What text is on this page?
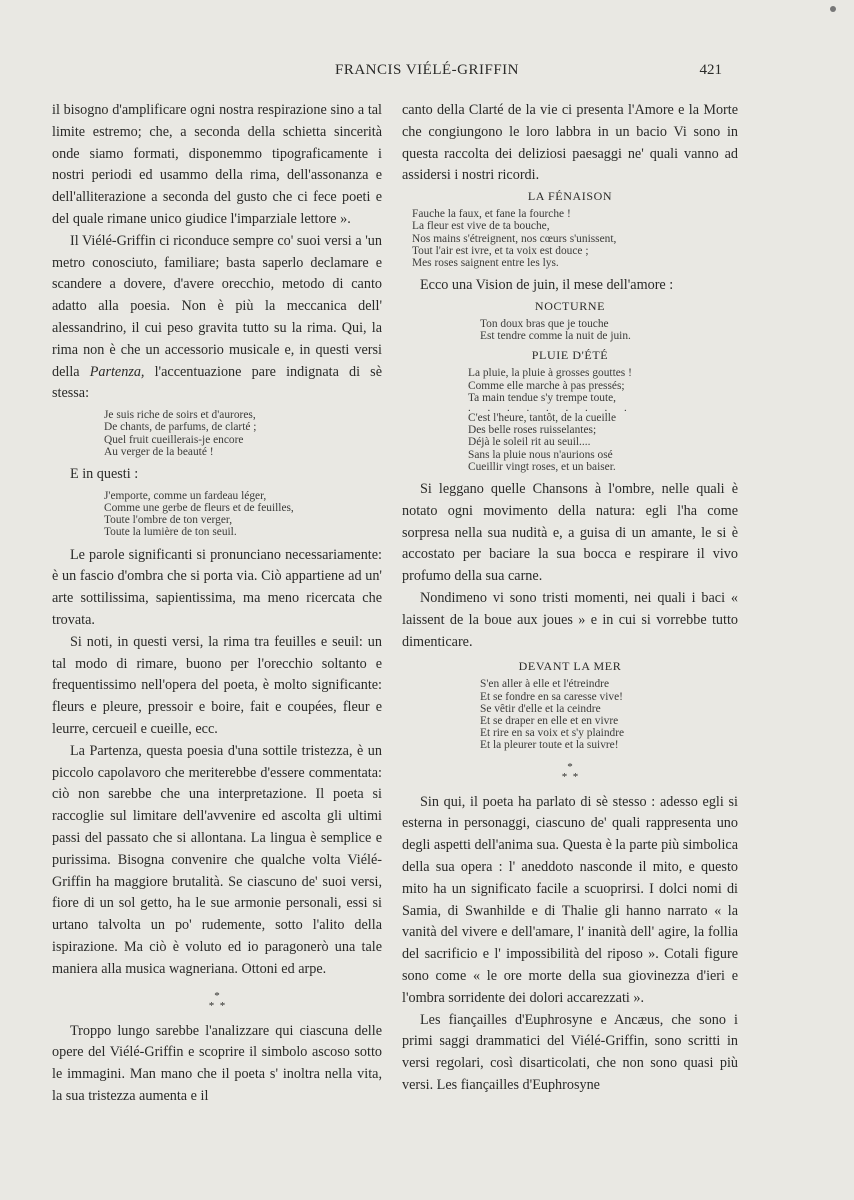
FRANCIS VIÉLÉ-GRIFFIN	421

il bisogno d'amplificare ogni nostra respirazione sino a tal limite estremo; che, a seconda della schietta sincerità onde siamo formati, disponemmo tipograficamente i nostri periodi ed usammo della rima, dell'assonanza e dell'alliterazione a seconda del gusto che ci fece poeti e del quale rimane unico giudice l'imparziale lettore ».

Il Viélé-Griffin ci riconduce sempre co' suoi versi a 'un metro conosciuto, familiare; basta saperlo declamare e scandere a dovere, d'avere orecchio, metodo di canto adatto alla poesia. Non è più la meccanica dell' alessandrino, il cui peso gravita tutto su la rima. Qui, la rima non è che un accessorio musicale e, in questi versi della Partenza, l'accentuazione pare indignata di sè stessa:

Je suis riche de soirs et d'aurores,
De chants, de parfums, de clarté ;
Quel fruit cueillerais-je encore
Au verger de la beauté !

E in questi :

J'emporte, comme un fardeau léger,
Comme une gerbe de fleurs et de feuilles,
Toute l'ombre de ton verger,
Toute la lumière de ton seuil.

Le parole significanti si pronunciano necessariamente: è un fascio d'ombra che si porta via. Ciò appartiene ad un' arte sottilissima, sapientissima, ma meno ricercata che trovata.

Si noti, in questi versi, la rima tra feuilles e seuil: un tal modo di rimare, buono per l'orecchio soltanto e frequentissimo nell'opera del poeta, è molto significante: fleurs e pleure, pressoir e boire, fait e coupées, fleur e leurre, cercueil e cueille, ecc.

La Partenza, questa poesia d'una sottile tristezza, è un piccolo capolavoro che meriterebbe d'essere commentata: ciò non sarebbe che una interpretazione. Il poeta si raccoglie sul limitare dell'avvenire ed ascolta gli ultimi passi del passato che si allontana. La lingua è semplice e purissima. Bisogna convenire che qualche volta Viélé-Griffin ha maggiore brutalità. Se ciascuno de' suoi versi, fiore di un sol getto, ha le sue armonie personali, essi si urtano talvolta un po' rudemente, sotto l'alito della ispirazione. Ma ciò è voluto ed io paragonerò una tale maniera alla musica wagneriana. Ottoni ed arpe.

*
*  *

Troppo lungo sarebbe l'analizzare qui ciascuna delle opere del Viélé-Griffin e scoprire il simbolo ascoso sotto le immagini. Man mano che il poeta s' inoltra nella vita, la sua tristezza aumenta e il

canto della Clarté de la vie ci presenta l'Amore e la Morte che congiungono le loro labbra in un bacio Vi sono in questa raccolta dei deliziosi paesaggi ne' quali vanno ad assidersi i nostri ricordi.

LA FÉNAISON
Fauche la faux, et fane la fourche !
La fleur est vive de ta bouche,
Nos mains s'étreignent, nos cœurs s'unissent,
Tout l'air est ivre, et ta voix est douce ;
Mes roses saignent entre les lys.

Ecco una Vision de juin, il mese dell'amore :

NOCTURNE
Ton doux bras que je touche
Est tendre comme la nuit de juin.
PLUIE D'ÉTÉ
La pluie, la pluie à grosses gouttes !
Comme elle marche à pas pressés;
Ta main tendue s'y trempe toute,
. . . . . . . . .
C'est l'heure, tantôt, de la cueille
Des belle roses ruisselantes;
Déjà le soleil rit au seuil....
Sans la pluie nous n'aurions osé
Cueillir vingt roses, et un baiser.

Si leggano quelle Chansons à l'ombre, nelle quali è notato ogni movimento della natura: egli l'ha come sorpresa nella sua nudità e, a guisa di un amante, le si è accostato per baciare la sua bocca e respirare il vivo profumo della sua carne.

Nondimeno vi sono tristi momenti, nei quali i baci « laissent de la boue aux joues » e in cui si vorrebbe tutto dimenticare.

DEVANT LA MER
S'en aller à elle et l'étreindre
Et se fondre en sa caresse vive!
Se vêtir d'elle et la ceindre
Et se draper en elle et en vivre
Et rire en sa voix et s'y plaindre
Et la pleurer toute et la suivre!
*
*  *

Sin qui, il poeta ha parlato di sè stesso : adesso egli si esterna in personaggi, ciascuno de' quali rappresenta uno degli aspetti dell'anima sua. Questa è la parte più simbolica della sua opera : l' aneddoto nasconde il mito, e questo mito ha un significato facile a scuoprirsi. I dolci nomi di Samia, di Swanhilde e di Thalie gli hanno narrato « la vanità del vivere e dell'amare, l' inanità dell' agire, la follia del sacrificio e l' impossibilità del riposo ». Cotali figure sono come « le ore morte della sua giovinezza d'ieri e l'ombra sorridente dei dolori accarezzati ».

Les fiançailles d'Euphrosyne e Ancæus, che sono i primi saggi drammatici del Viélé-Griffin, sono scritti in versi regolari, così disarticolati, che non sono quasi più versi. Les fiançailles d'Euphrosyne
